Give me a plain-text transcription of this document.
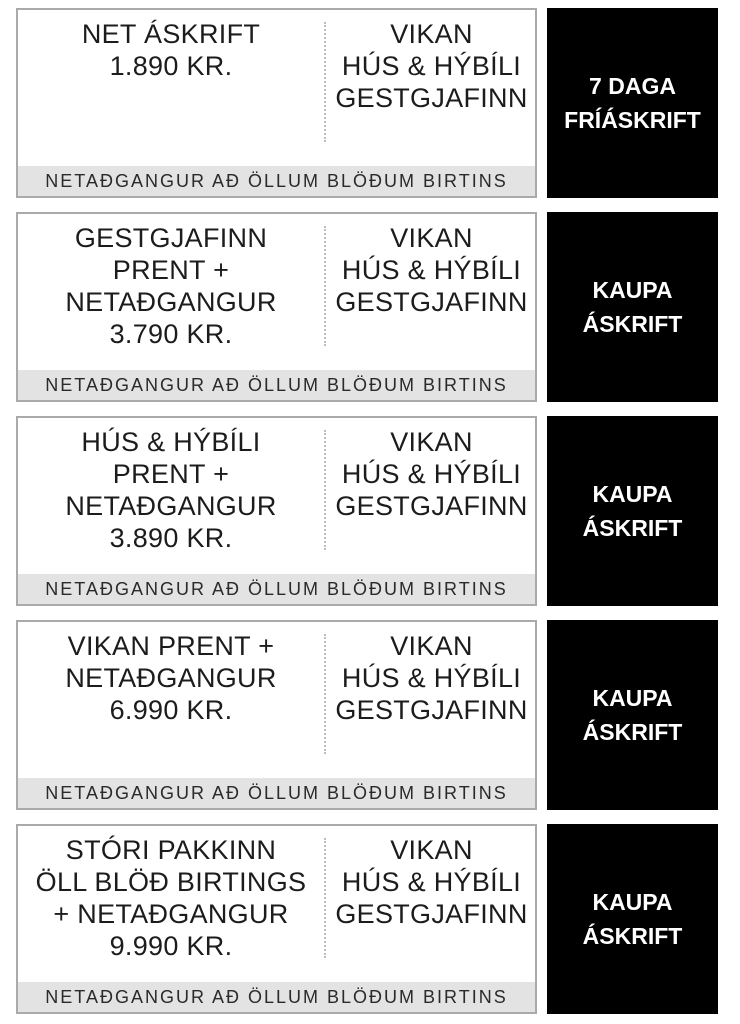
NET ÁSKRIFT
1.890 KR.
VIKAN
HÚS & HÝBÍLI
GESTGJAFINN
NETAÐGANGUR AÐ ÖLLUM BLÖÐUM BIRTINS
7 DAGA
FRÍÁSKRIFT
GESTGJAFINN
PRENT +
NETAÐGANGUR
3.790 KR.
VIKAN
HÚS & HÝBÍLI
GESTGJAFINN
NETAÐGANGUR AÐ ÖLLUM BLÖÐUM BIRTINS
KAUPA
ÁSKRIFT
HÚS & HÝBÍLI
PRENT +
NETAÐGANGUR
3.890 KR.
VIKAN
HÚS & HÝBÍLI
GESTGJAFINN
NETAÐGANGUR AÐ ÖLLUM BLÖÐUM BIRTINS
KAUPA
ÁSKRIFT
VIKAN PRENT +
NETAÐGANGUR
6.990 KR.
VIKAN
HÚS & HÝBÍLI
GESTGJAFINN
NETAÐGANGUR AÐ ÖLLUM BLÖÐUM BIRTINS
KAUPA
ÁSKRIFT
STÓRI PAKKINN
ÖLL BLÖÐ BIRTINGS
+ NETAÐGANGUR
9.990 KR.
VIKAN
HÚS & HÝBÍLI
GESTGJAFINN
NETAÐGANGUR AÐ ÖLLUM BLÖÐUM BIRTINS
KAUPA
ÁSKRIFT
